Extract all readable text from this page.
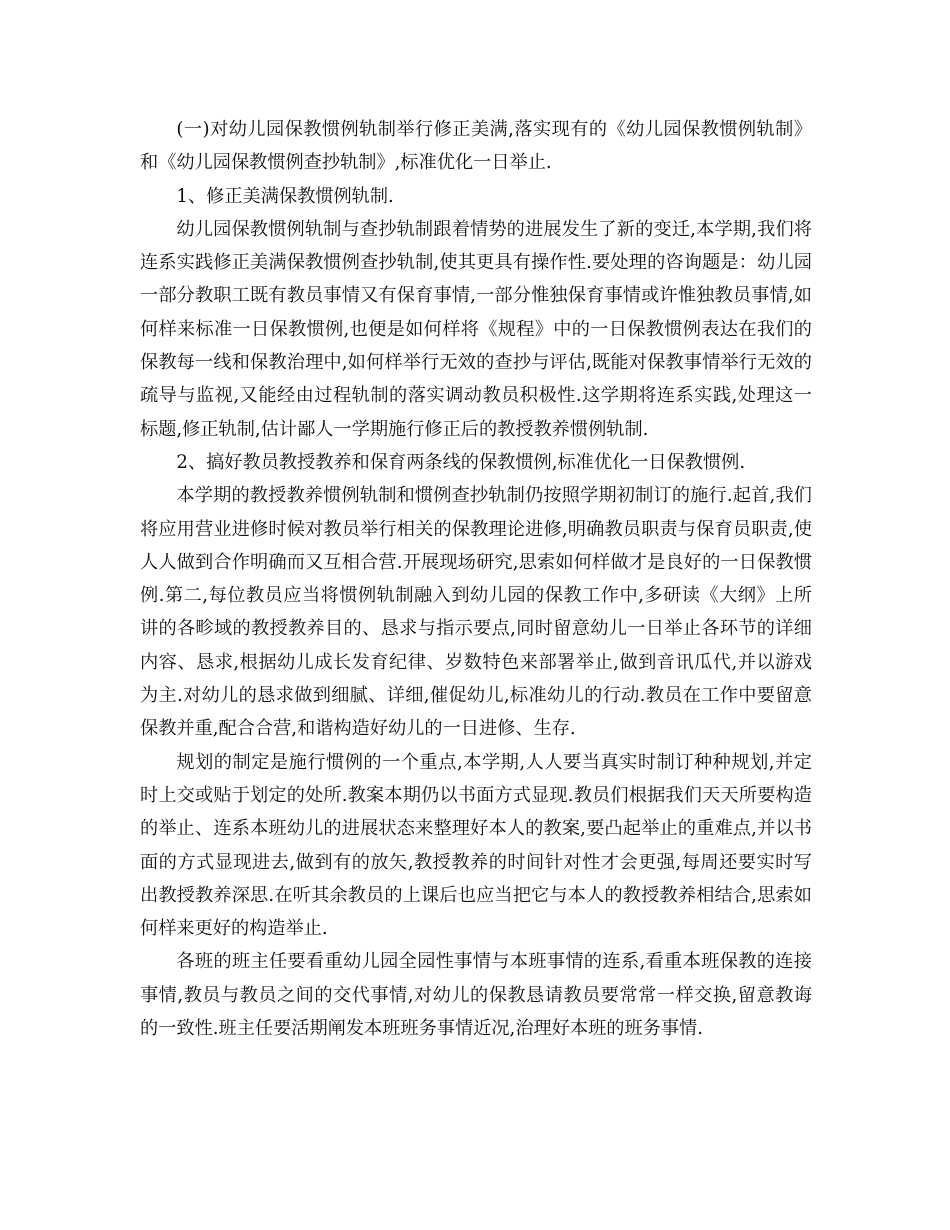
(一)对幼儿园保教惯例轨制举行修正美满,落实现有的《幼儿园保教惯例轨制》和《幼儿园保教惯例查抄轨制》,标准优化一日举止.

1、修正美满保教惯例轨制.

幼儿园保教惯例轨制与查抄轨制跟着情势的进展发生了新的变迁,本学期,我们将连系实践修正美满保教惯例查抄轨制,使其更具有操作性.要处理的咨询题是：幼儿园一部分教职工既有教员事情又有保育事情,一部分惟独保育事情或许惟独教员事情,如何样来标准一日保教惯例,也便是如何样将《规程》中的一日保教惯例表达在我们的保教每一线和保教治理中,如何样举行无效的查抄与评估,既能对保教事情举行无效的疏导与监视,又能经由过程轨制的落实调动教员积极性.这学期将连系实践,处理这一标题,修正轨制,估计鄙人一学期施行修正后的教授教养惯例轨制.

2、搞好教员教授教养和保育两条线的保教惯例,标准优化一日保教惯例.

本学期的教授教养惯例轨制和惯例查抄轨制仍按照学期初制订的施行.起首,我们将应用营业进修时候对教员举行相关的保教理论进修,明确教员职责与保育员职责,使人人做到合作明确而又互相合营.开展现场研究,思索如何样做才是良好的一日保教惯例.第二,每位教员应当将惯例轨制融入到幼儿园的保教工作中,多研读《大纲》上所讲的各畛域的教授教养目的、恳求与指示要点,同时留意幼儿一日举止各环节的详细内容、恳求,根据幼儿成长发育纪律、岁数特色来部署举止,做到音讯瓜代,并以游戏为主.对幼儿的恳求做到细腻、详细,催促幼儿,标准幼儿的行动.教员在工作中要留意保教并重,配合合营,和谐构造好幼儿的一日进修、生存.

规划的制定是施行惯例的一个重点,本学期,人人要当真实时制订种种规划,并定时上交或贴于划定的处所.教案本期仍以书面方式显现.教员们根据我们天天所要构造的举止、连系本班幼儿的进展状态来整理好本人的教案,要凸起举止的重难点,并以书面的方式显现进去,做到有的放矢,教授教养的时间针对性才会更强,每周还要实时写出教授教养深思.在听其余教员的上课后也应当把它与本人的教授教养相结合,思索如何样来更好的构造举止.

各班的班主任要看重幼儿园全园性事情与本班事情的连系,看重本班保教的连接事情,教员与教员之间的交代事情,对幼儿的保教恳请教员要常常一样交换,留意教诲的一致性.班主任要活期阐发本班班务事情近况,治理好本班的班务事情.
